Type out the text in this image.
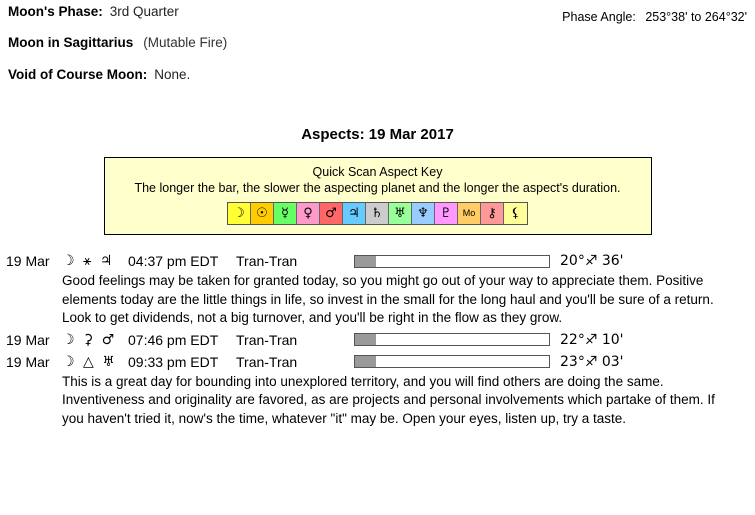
Phase Angle: 253°38' to 264°32'
Moon's Phase: 3rd Quarter
Moon in Sagittarius (Mutable Fire)
Void of Course Moon: None.
Aspects: 19 Mar 2017
Quick Scan Aspect Key
The longer the bar, the slower the aspecting planet and the longer the aspect's duration.
☽ ☉	☿	♀ ♂ ♃ ♄ ♅ ♆ ♇	Mo ⚷	⚸
19 Mar ☽ ⚹ ♃ 04:37 pm EDT	Tran-Tran	20°♐ 36'
Good feelings may be taken for granted today, so you might go out of your way to appreciate them. Positive elements today are the little things in life, so invest in the small for the long haul and you'll be sure of a return. Look to get dividends, not a big turnover, and you'll be right in the flow as they grow.
19 Mar ☽ ⚳ ♂ 07:46 pm EDT	Tran-Tran	22°♐ 10'
19 Mar ☽ △ ♅ 09:33 pm EDT	Tran-Tran	23°♐ 03'
This is a great day for bounding into unexplored territory, and you will find others are doing the same. Inventiveness and originality are favored, as are projects and personal involvements which partake of them. If you haven't tried it, now's the time, whatever "it" may be. Open your eyes, listen up, try a taste.
